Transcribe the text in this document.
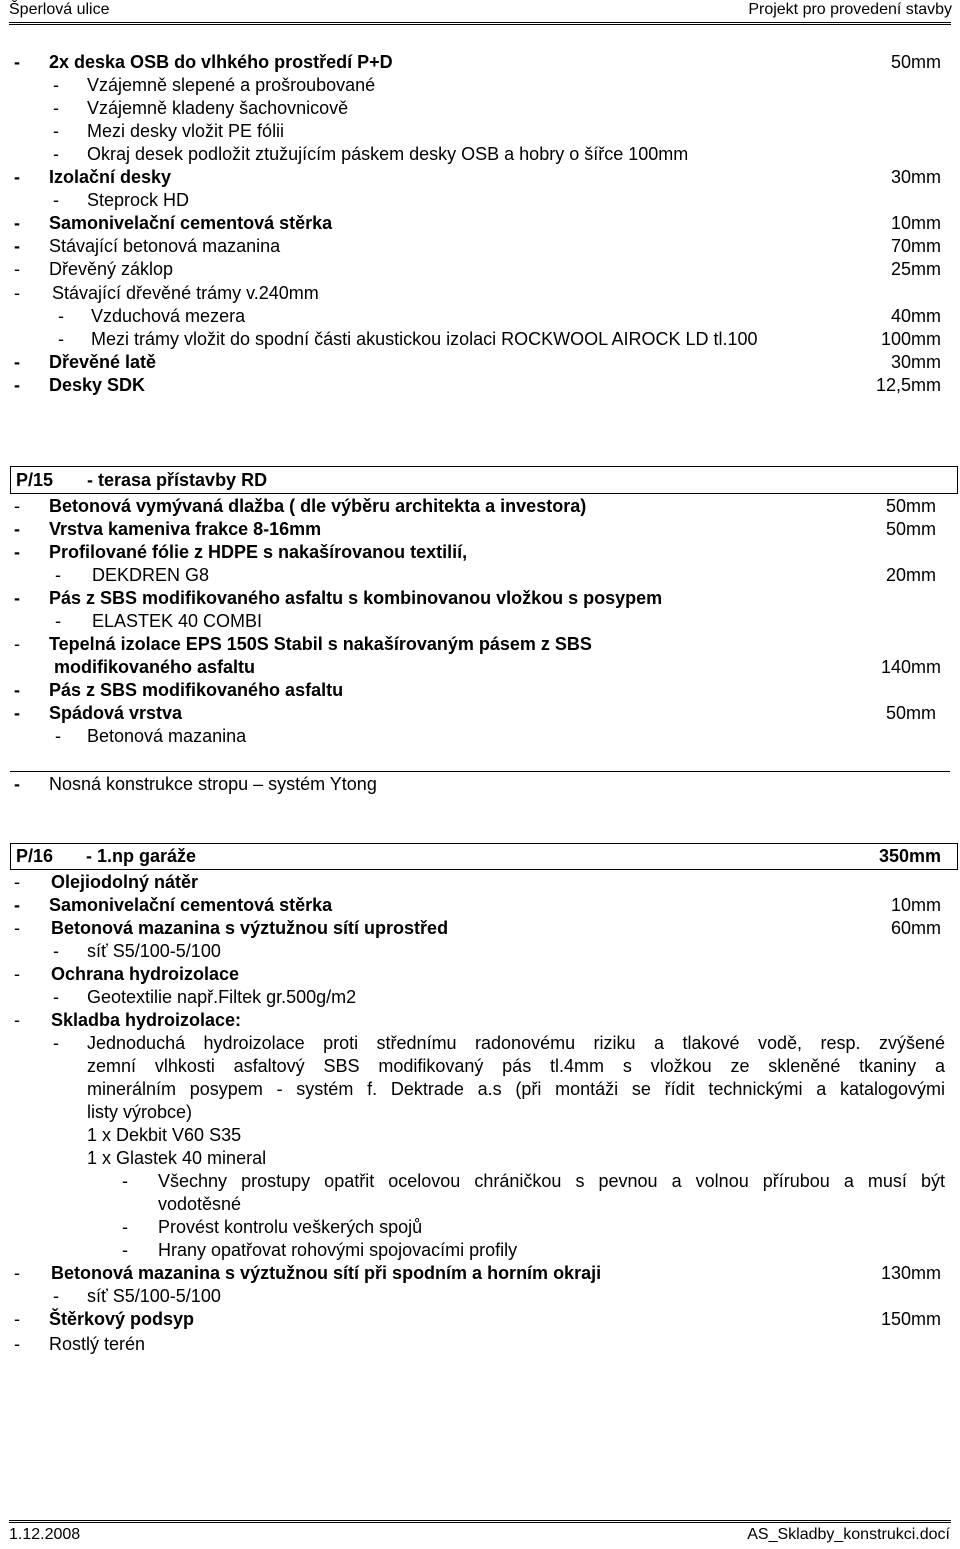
Šperlová ulice	Projekt pro provedení stavby
- 2x deska OSB do vlhkého prostředí P+D	50mm
- Vzájemně slepené a prošroubované
- Vzájemně kladeny šachovnicově
- Mezi desky vložit PE fólii
- Okraj desek podložit ztužujícím páskem desky OSB a hobry o šířce 100mm
- Izolační desky	30mm
- Steprock HD
- Samonivelační cementová stěrka	10mm
- Stávající betonová mazanina	70mm
- Dřevěný záklop	25mm
- Stávající dřevěné trámy v.240mm
- Vzduchová mezera	40mm
- Mezi trámy vložit do spodní části akustickou izolaci ROCKWOOL AIROCK LD tl.100	100mm
- Dřevěné latě	30mm
- Desky SDK	12,5mm
P/15 - terasa přístavby RD
- Betonová vymývaná dlažba ( dle výběru architekta a investora)	50mm
- Vrstva kameniva frakce 8-16mm	50mm
- Profilované fólie z HDPE s nakašírovanou textilií,
- DEKDREN G8	20mm
- Pás z SBS modifikovaného asfaltu s kombinovanou vložkou s posypem
- ELASTEK 40 COMBI
- Tepelná izolace EPS 150S Stabil s nakašírovaným pásem z SBS
modifikovaného asfaltu	140mm
- Pás z SBS modifikovaného asfaltu
- Spádová vrstva	50mm
- Betonová mazanina
- Nosná konstrukce stropu – systém Ytong
P/16 - 1.np garáže	350mm
- Olejiodolný nátěr
- Samonivelační cementová stěrka	10mm
- Betonová mazanina s výztužnou sítí uprostřed	60mm
- síť S5/100-5/100
- Ochrana hydroizolace
- Geotextilie např.Filtek gr.500g/m2
- Skladba hydroizolace:
- Jednoduchá hydroizolace proti střednímu radonovému riziku a tlakové vodě, resp. zvýšené
zemní vlhkosti asfaltový SBS modifikovaný pás tl.4mm s vložkou ze skleněné tkaniny a
minerálním posypem - systém f. Dektrade a.s (při montáži se řídit technickými a katalogovými
listy výrobce)
1 x Dekbit V60 S35
1 x Glastek 40 mineral
- Všechny prostupy opatřit ocelovou chráničkou s pevnou a volnou přírubou a musí být
vodotěsné
- Provést kontrolu veškerých spojů
- Hrany opatřovat rohovými spojovacími profily
- Betonová mazanina s výztužnou sítí při spodním a horním okraji	130mm
- síť S5/100-5/100
- Štěrkový podsyp	150mm
- Rostlý terén
1.12.2008	AS_Skladby_konstrukci.docí
